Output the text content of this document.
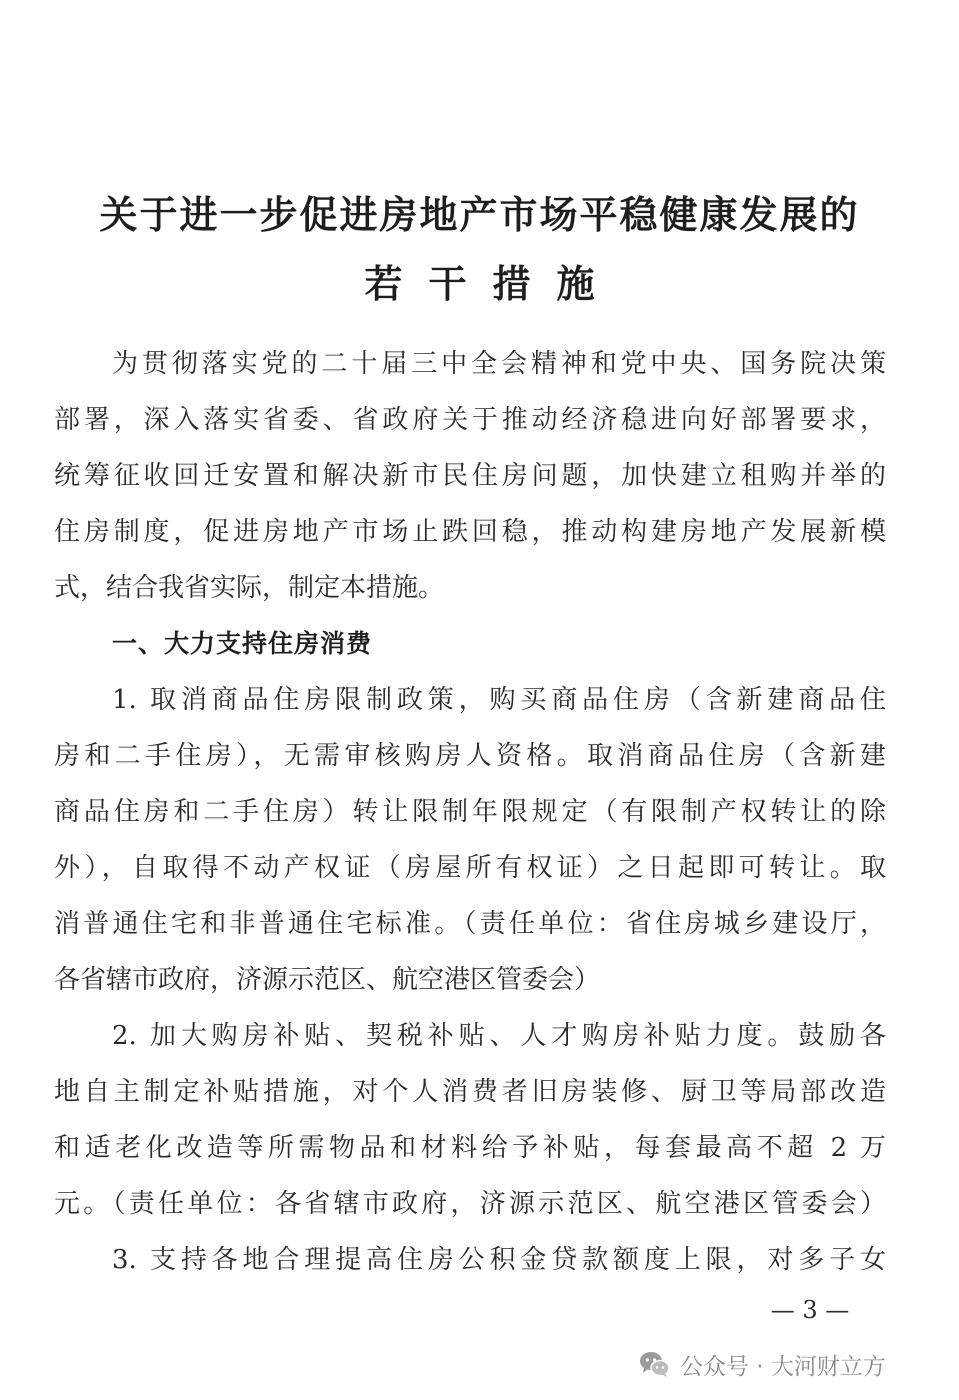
关于进一步促进房地产市场平稳健康发展的
若干措施
为贯彻落实党的二十届三中全会精神和党中央、国务院决策
部署，深入落实省委、省政府关于推动经济稳进向好部署要求，
统筹征收回迁安置和解决新市民住房问题，加快建立租购并举的
住房制度，促进房地产市场止跌回稳，推动构建房地产发展新模
式，结合我省实际，制定本措施。
一、大力支持住房消费
1. 取消商品住房限制政策，购买商品住房（含新建商品住
房和二手住房），无需审核购房人资格。取消商品住房（含新建
商品住房和二手住房）转让限制年限规定（有限制产权转让的除
外），自取得不动产权证（房屋所有权证）之日起即可转让。取
消普通住宅和非普通住宅标准。（责任单位：省住房城乡建设厅，
各省辖市政府，济源示范区、航空港区管委会）
2. 加大购房补贴、契税补贴、人才购房补贴力度。鼓励各
地自主制定补贴措施，对个人消费者旧房装修、厨卫等局部改造
和适老化改造等所需物品和材料给予补贴，每套最高不超 2 万
元。（责任单位：各省辖市政府，济源示范区、航空港区管委会）
3. 支持各地合理提高住房公积金贷款额度上限，对多子女
— 3 —
公众号 · 大河财立方
